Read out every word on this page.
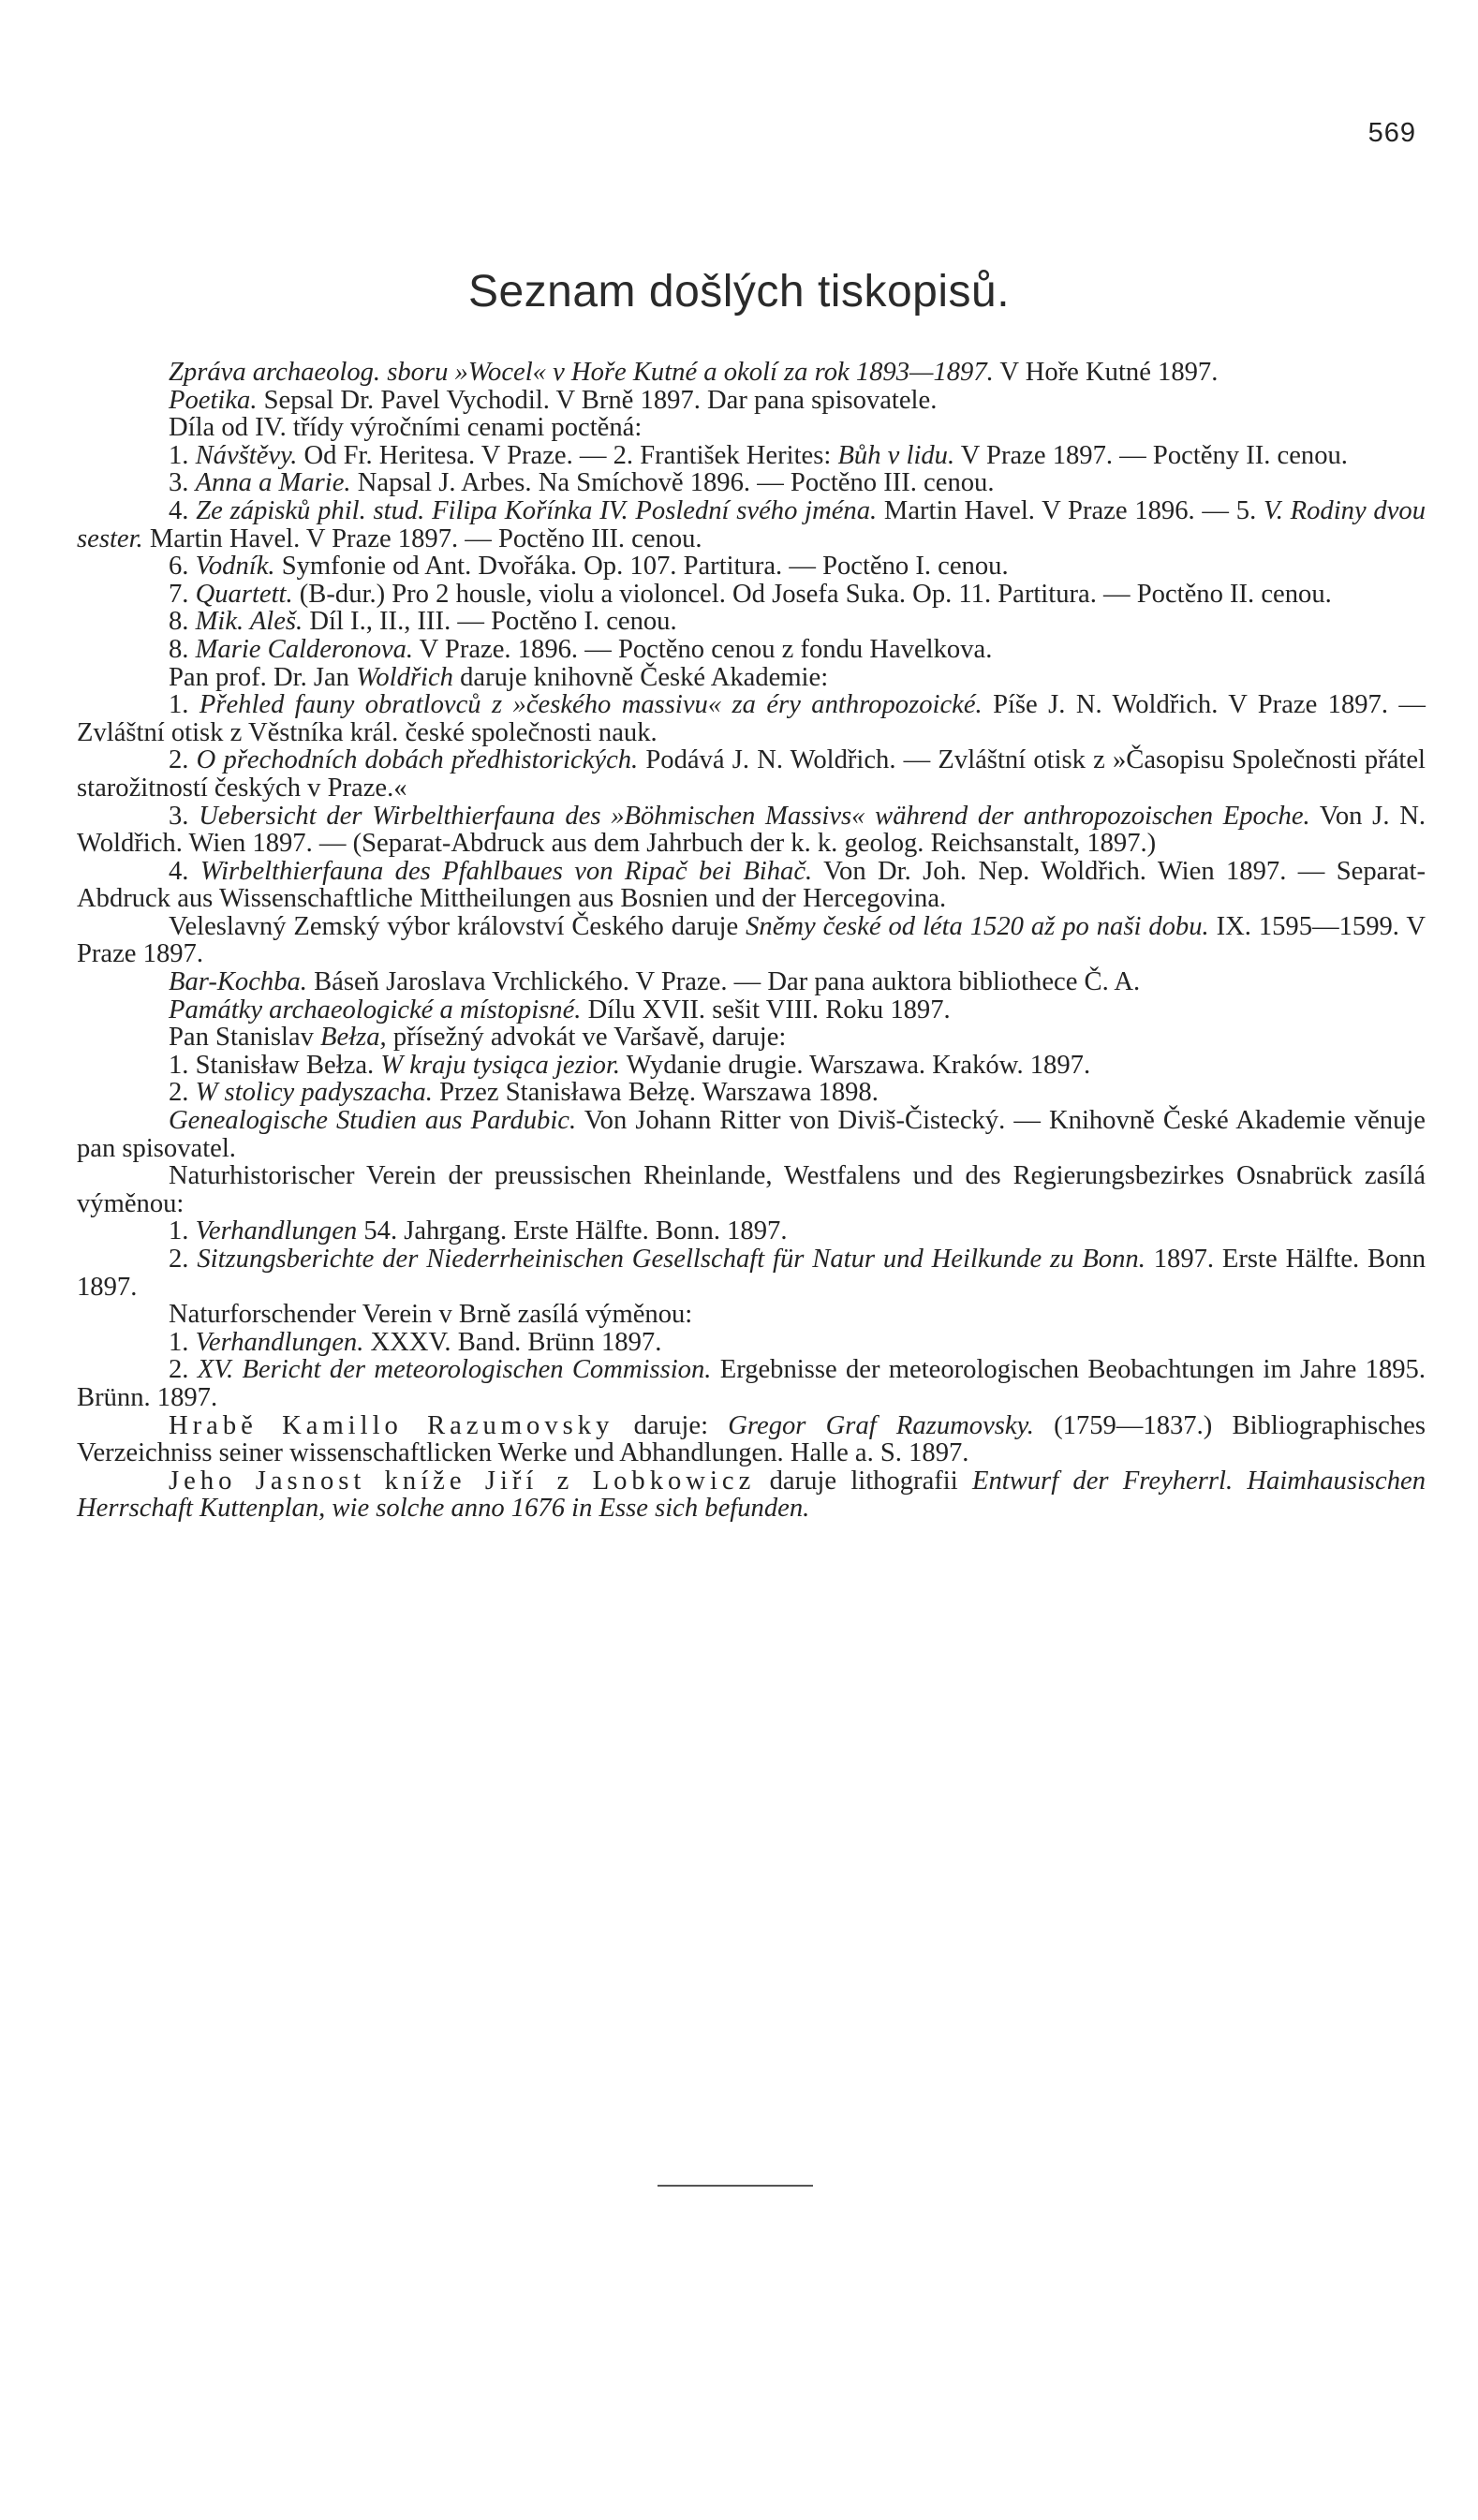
569
Seznam došlých tiskopisů.

Zpráva archaeolog. sboru »Wocel« v Hoře Kutné a okolí za rok 1893—1897. V Hoře Kutné 1897.

Poetika. Sepsal Dr. Pavel Vychodil. V Brně 1897. Dar pana spisovatele.

Díla od IV. třídy výročními cenami poctěná:

1. Návštěvy. Od Fr. Heritesa. V Praze. — 2. František Herites: Bůh v lidu. V Praze 1897. — Poctěny II. cenou.

3. Anna a Marie. Napsal J. Arbes. Na Smíchově 1896. — Poctěno III. cenou.

4. Ze zápisků phil. stud. Filipa Kořínka IV. Poslední svého jména. Martin Havel. V Praze 1896. — 5. V. Rodiny dvou sester. Martin Havel. V Praze 1897. — Poctěno III. cenou.

6. Vodník. Symfonie od Ant. Dvořáka. Op. 107. Partitura. — Poctěno I. cenou.

7. Quartett. (B-dur.) Pro 2 housle, violu a violoncel. Od Josefa Suka. Op. 11. Partitura. — Poctěno II. cenou.

8. Mik. Aleš. Díl I., II., III. — Poctěno I. cenou.

8. Marie Calderonova. V Praze. 1896. — Poctěno cenou z fondu Havelkova.

Pan prof. Dr. Jan Woldřich daruje knihovně České Akademie:

1. Přehled fauny obratlovců z »českého massivu« za éry anthropozoické. Píše J. N. Woldřich. V Praze 1897. — Zvláštní otisk z Věstníka král. české společnosti nauk.

2. O přechodních dobách předhistorických. Podává J. N. Woldřich. — Zvláštní otisk z »Časopisu Společnosti přátel starožitností českých v Praze.«

3. Uebersicht der Wirbelthierfauna des »Böhmischen Massivs« während der anthropozoischen Epoche. Von J. N. Woldřich. Wien 1897. — (Separat-Abdruck aus dem Jahrbuch der k. k. geolog. Reichsanstalt, 1897.)

4. Wirbelthierfauna des Pfahlbaues von Ripač bei Bihač. Von Dr. Joh. Nep. Woldřich. Wien 1897. — Separat-Abdruck aus Wissenschaftliche Mittheilungen aus Bosnien und der Hercegovina.

Veleslavný Zemský výbor království Českého daruje Sněmy české od léta 1520 až po naši dobu. IX. 1595—1599. V Praze 1897.

Bar-Kochba. Báseň Jaroslava Vrchlického. V Praze. — Dar pana auktora bibliothece Č. A.

Památky archaeologické a místopisné. Dílu XVII. sešit VIII. Roku 1897.

Pan Stanislav Bełza, přísežný advokát ve Varšavě, daruje:

1. Stanisław Bełza. W kraju tysiąca jezior. Wydanie drugie. Warszawa. Kraków. 1897.

2. W stolicy padyszacha. Przez Stanisława Bełzę. Warszawa 1898.

Genealogische Studien aus Pardubic. Von Johann Ritter von Diviš-Čistecký. — Knihovně České Akademie věnuje pan spisovatel.

Naturhistorischer Verein der preussischen Rheinlande, Westfalens und des Regierungsbezirkes Osnabrück zasílá výměnou:

1. Verhandlungen 54. Jahrgang. Erste Hälfte. Bonn. 1897.

2. Sitzungsberichte der Niederrheinischen Gesellschaft für Natur und Heilkunde zu Bonn. 1897. Erste Hälfte. Bonn 1897.

Naturforschender Verein v Brně zasílá výměnou:

1. Verhandlungen. XXXV. Band. Brünn 1897.

2. XV. Bericht der meteorologischen Commission. Ergebnisse der meteorologischen Beobachtungen im Jahre 1895. Brünn. 1897.

Hrabě Kamillo Razumovsky daruje: Gregor Graf Razumovsky. (1759—1837.) Bibliographisches Verzeichniss seiner wissenschaftlicken Werke und Abhandlungen. Halle a. S. 1897.

Jeho Jasnost kníže Jiří z Lobkowicz daruje lithografii Entwurf der Freyherrl. Haimhausischen Herrschaft Kuttenplan, wie solche anno 1676 in Esse sich befunden.
